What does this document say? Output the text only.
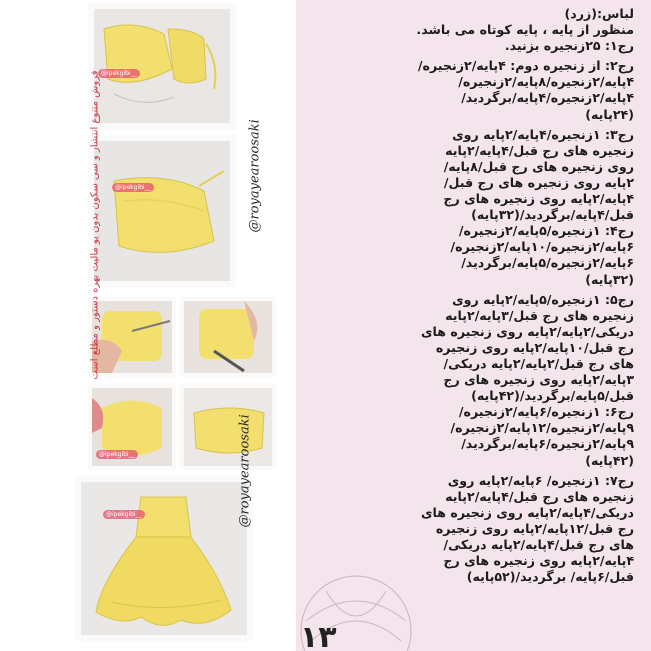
@ipekgibi__
@ipekgibi__
@ipekgibi__
@ipekgibi__
فروش متنوع انتشار و سی سکون بدون یو مالیت بهره دستور و مطلع است	@royayearoosaki
@royayearoosaki
لباس:(زرد)
منظور از پایه ، پایه کوتاه می باشد.
رج۱: ۲۵زنجیره بزنید.
رج۲: از زنجیره دوم: ۴پایه/۲زنجیره/
۴پایه/۲زنجیره/۸پایه/۲زنجیره/
۴پایه/۲زنجیره/۴پایه/برگردید/
(۲۴پایه)
رج۳: ۱زنجیره/۴پایه/۲پایه روی
زنجیره های رج قبل/۴پایه/۲پایه
روی زنجیره های رج قبل/۸پایه/
۲پایه روی زنجیره های رج قبل/
۴پایه/۲پایه روی زنجیره های رج
قبل/۴پایه/برگردید/(۳۲پایه)
رج۴: ۱زنجیره/۵پایه/۲زنجیره/
۶پایه/۲زنجیره/۱۰پایه/۲زنجیره/
۶پایه/۲زنجیره/۵پایه/برگردید/
(۳۲پایه)
رج۵: ۱زنجیره/۵پایه/۲پایه روی
زنجیره های رج قبل/۳پایه/۲پایه
دریکی/۲پایه/۲پایه روی زنجیره های
رج قبل/۱۰پایه/۲پایه روی زنجیره
های رج قبل/۲پایه/۲پایه دریکی/
۳پایه/۲پایه روی زنجیره های رج
قبل/۵پایه/برگردید/(۴۲پایه)
رج۶: ۱زنجیره/۶پایه/۲زنجیره/
۹پایه/۲زنجیره/۱۲پایه/۲زنجیره/
۹پایه/۲زنجیره/۶پایه/برگردید/
(۴۲پایه)
رج۷: ۱زنجیره/ ۶پایه/۲پایه روی
زنجیره های رج قبل/۴پایه/۲پایه
دریکی/۴پایه/۲پایه روی زنجیره های
رج قبل/۱۲پایه/۲پایه روی زنجیره
های رج قبل/۴پایه/۲پایه دریکی/
۴پایه/۲پایه روی زنجیره های رج
قبل/۶پایه/ برگردید/(۵۲پایه)
۱۳
